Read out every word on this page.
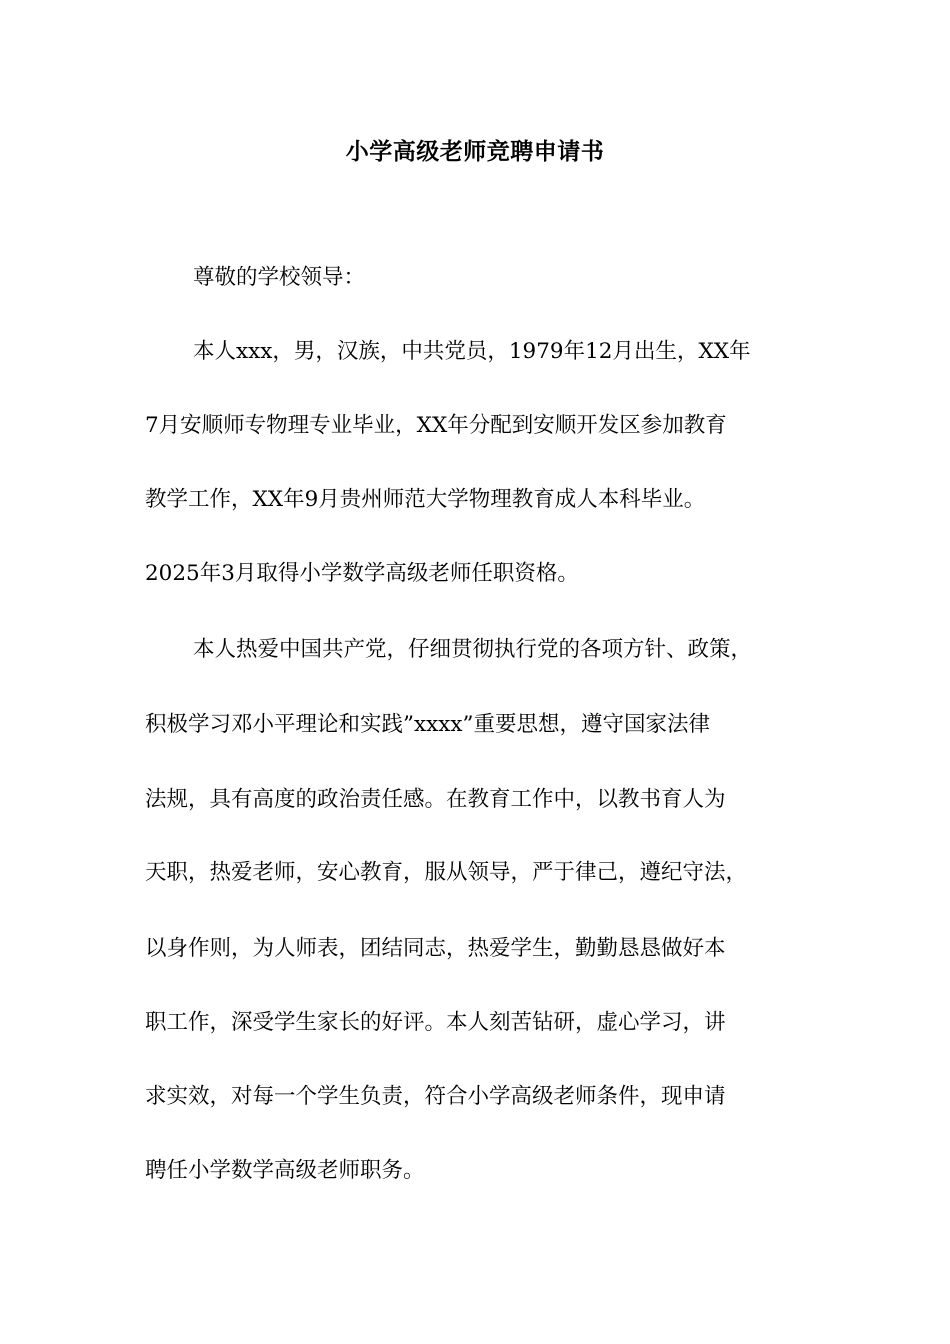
小学高级老师竞聘申请书
尊敬的学校领导：
本人xxx，男，汉族，中共党员，1979年12月出生，XX年
7月安顺师专物理专业毕业，XX年分配到安顺开发区参加教育
教学工作，XX年9月贵州师范大学物理教育成人本科毕业。
2025年3月取得小学数学高级老师任职资格。
本人热爱中国共产党，仔细贯彻执行党的各项方针、政策，
积极学习邓小平理论和实践”xxxx”重要思想，遵守国家法律
法规，具有高度的政治责任感。在教育工作中，以教书育人为
天职，热爱老师，安心教育，服从领导，严于律己，遵纪守法，
以身作则，为人师表，团结同志，热爱学生，勤勤恳恳做好本
职工作，深受学生家长的好评。本人刻苦钻研，虚心学习，讲
求实效，对每一个学生负责，符合小学高级老师条件，现申请
聘任小学数学高级老师职务。
